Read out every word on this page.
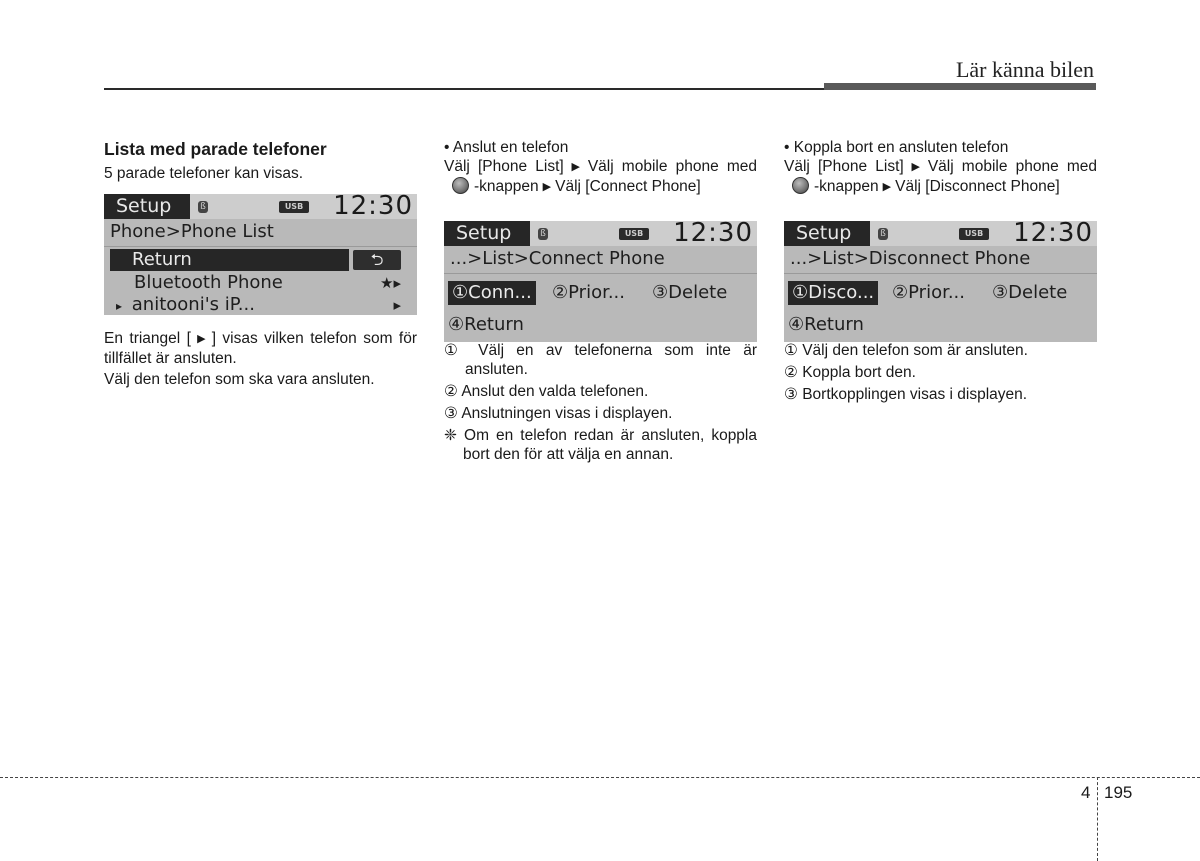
Lär känna bilen

Lista med parade telefoner

5 parade telefoner kan visas.

En triangel [ ▶ ] visas vilken telefon som för tillfället är ansluten.

Välj den telefon som ska vara ansluten.

Setup	ß	USB 12:30
Phone>Phone List
Return	⮌
Bluetooth Phone	★▸
▸ anitooni's iP...	▸

• Anslut en telefon

Välj [Phone List] ▶ Välj mobile phone med-knappen ▶ Välj [Connect Phone]

① Välj en av telefonerna som inte är ansluten.

② Anslut den valda telefonen.

③ Anslutningen visas i displayen.

❈ Om en telefon redan är ansluten, koppla bort den för att välja en annan.

Setup	ß	USB 12:30
...>List>Connect Phone
①Conn... ②Prior... ③Delete
④Return

• Koppla bort en ansluten telefon

Välj [Phone List] ▶ Välj mobile phone med-knappen ▶ Välj [Disconnect Phone]

① Välj den telefon som är ansluten.

② Koppla bort den.

③ Bortkopplingen visas i displayen.

Setup	ß	USB 12:30
...>List>Disconnect Phone
①Disco... ②Prior... ③Delete
④Return
4 195
